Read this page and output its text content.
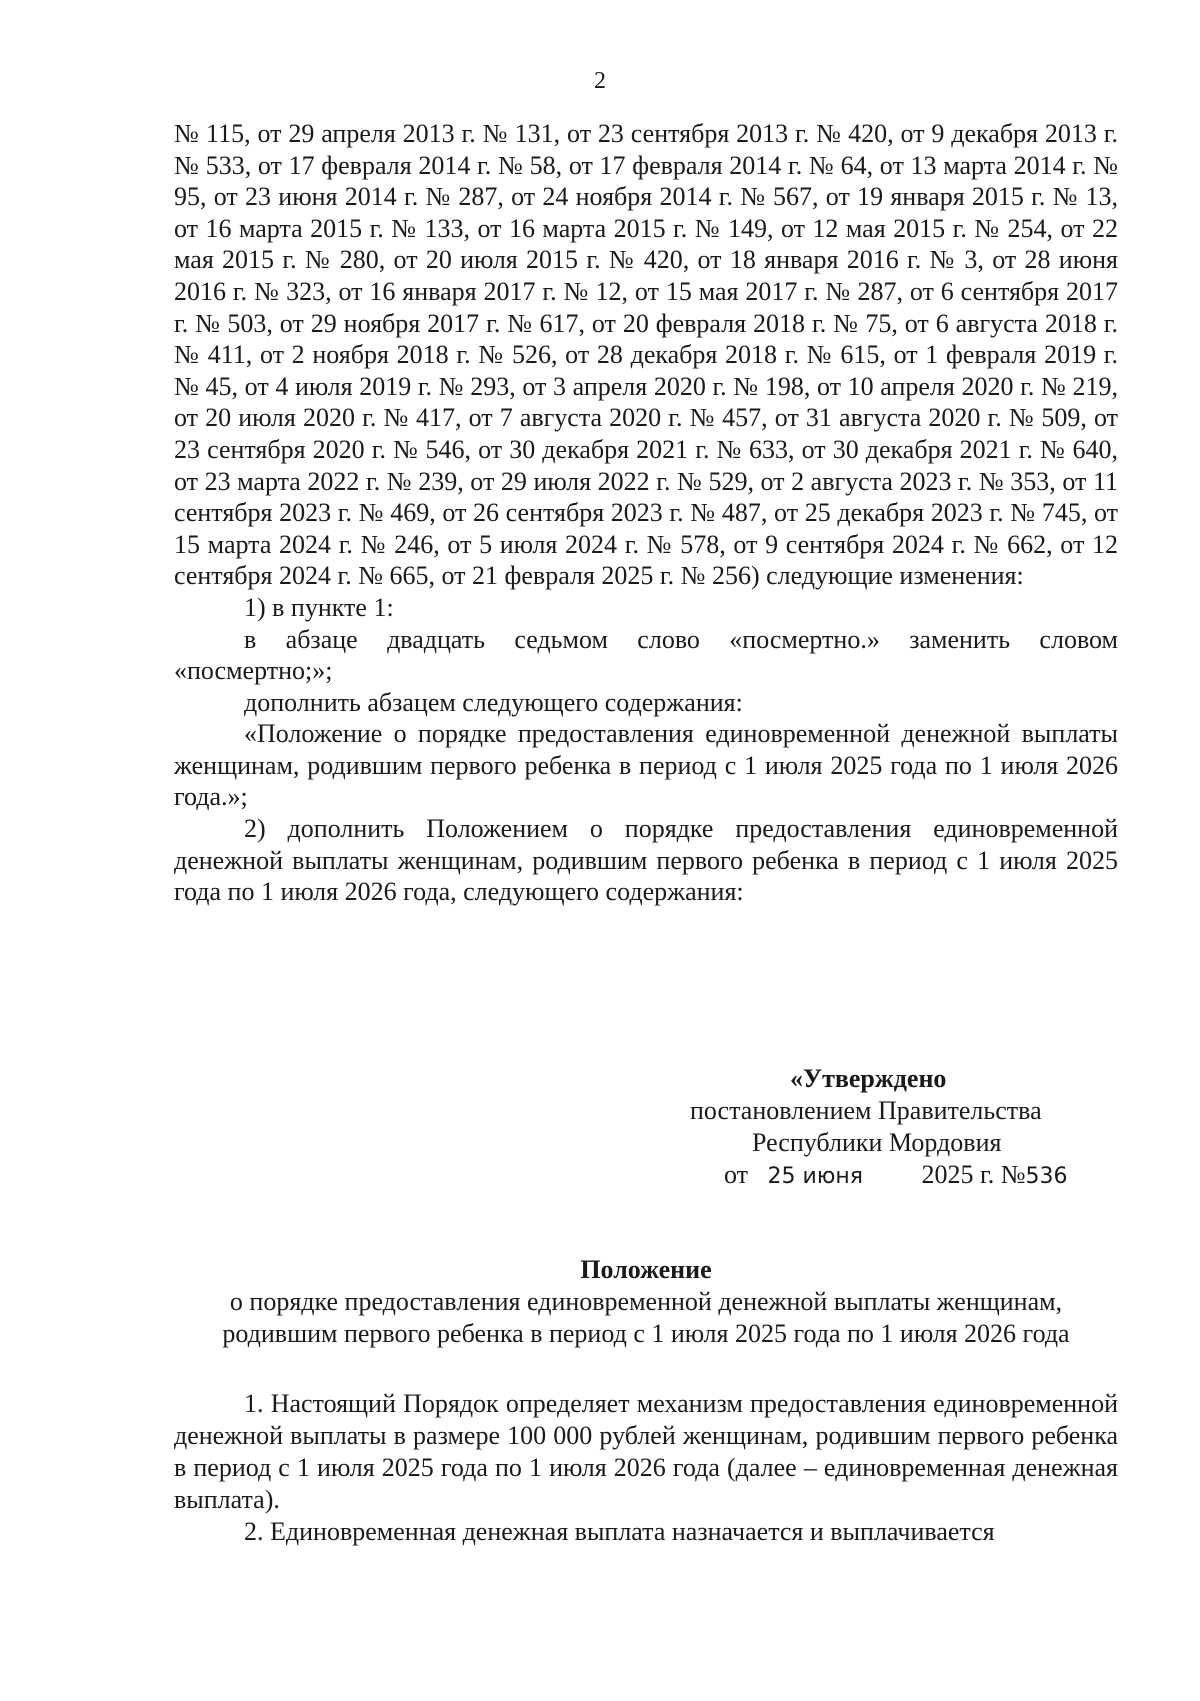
2

№ 115, от 29 апреля 2013 г. № 131, от 23 сентября 2013 г. № 420, от 9 декабря 2013 г. № 533, от 17 февраля 2014 г. № 58, от 17 февраля 2014 г. № 64, от 13 марта 2014 г. № 95, от 23 июня 2014 г. № 287, от 24 ноября 2014 г. № 567, от 19 января 2015 г. № 13, от 16 марта 2015 г. № 133, от 16 марта 2015 г. № 149, от 12 мая 2015 г. № 254, от 22 мая 2015 г. № 280, от 20 июля 2015 г. № 420, от 18 января 2016 г. № 3, от 28 июня 2016 г. № 323, от 16 января 2017 г. № 12, от 15 мая 2017 г. № 287, от 6 сентября 2017 г. № 503, от 29 ноября 2017 г. № 617, от 20 февраля 2018 г. № 75, от 6 августа 2018 г. № 411, от 2 ноября 2018 г. № 526, от 28 декабря 2018 г. № 615, от 1 февраля 2019 г. № 45, от 4 июля 2019 г. № 293, от 3 апреля 2020 г. № 198, от 10 апреля 2020 г. № 219, от 20 июля 2020 г. № 417, от 7 августа 2020 г. № 457, от 31 августа 2020 г. № 509, от 23 сентября 2020 г. № 546, от 30 декабря 2021 г. № 633, от 30 декабря 2021 г. № 640, от 23 марта 2022 г. № 239, от 29 июля 2022 г. № 529, от 2 августа 2023 г. № 353, от 11 сентября 2023 г. № 469, от 26 сентября 2023 г. № 487, от 25 декабря 2023 г. № 745, от 15 марта 2024 г. № 246, от 5 июля 2024 г. № 578, от 9 сентября 2024 г. № 662, от 12 сентября 2024 г. № 665, от 21 февраля 2025 г. № 256) следующие изменения:

1) в пункте 1:

в абзаце двадцать седьмом слово «посмертно.» заменить словом «посмертно;»;

дополнить абзацем следующего содержания:

«Положение о порядке предоставления единовременной денежной выплаты женщинам, родившим первого ребенка в период с 1 июля 2025 года по 1 июля 2026 года.»;

2) дополнить Положением о порядке предоставления единовременной денежной выплаты женщинам, родившим первого ребенка в период с 1 июля 2025 года по 1 июля 2026 года, следующего содержания:

«Утверждено
постановлением Правительства
Республики Мордовия
от 25 июня 2025 г. №536
Положение
о порядке предоставления единовременной денежной выплаты женщинам,
родившим первого ребенка в период с 1 июля 2025 года по 1 июля 2026 года

1. Настоящий Порядок определяет механизм предоставления единовременной денежной выплаты в размере 100 000 рублей женщинам, родившим первого ребенка в период с 1 июля 2025 года по 1 июля 2026 года (далее – единовременная денежная выплата).

2. Единовременная денежная выплата назначается и выплачивается
